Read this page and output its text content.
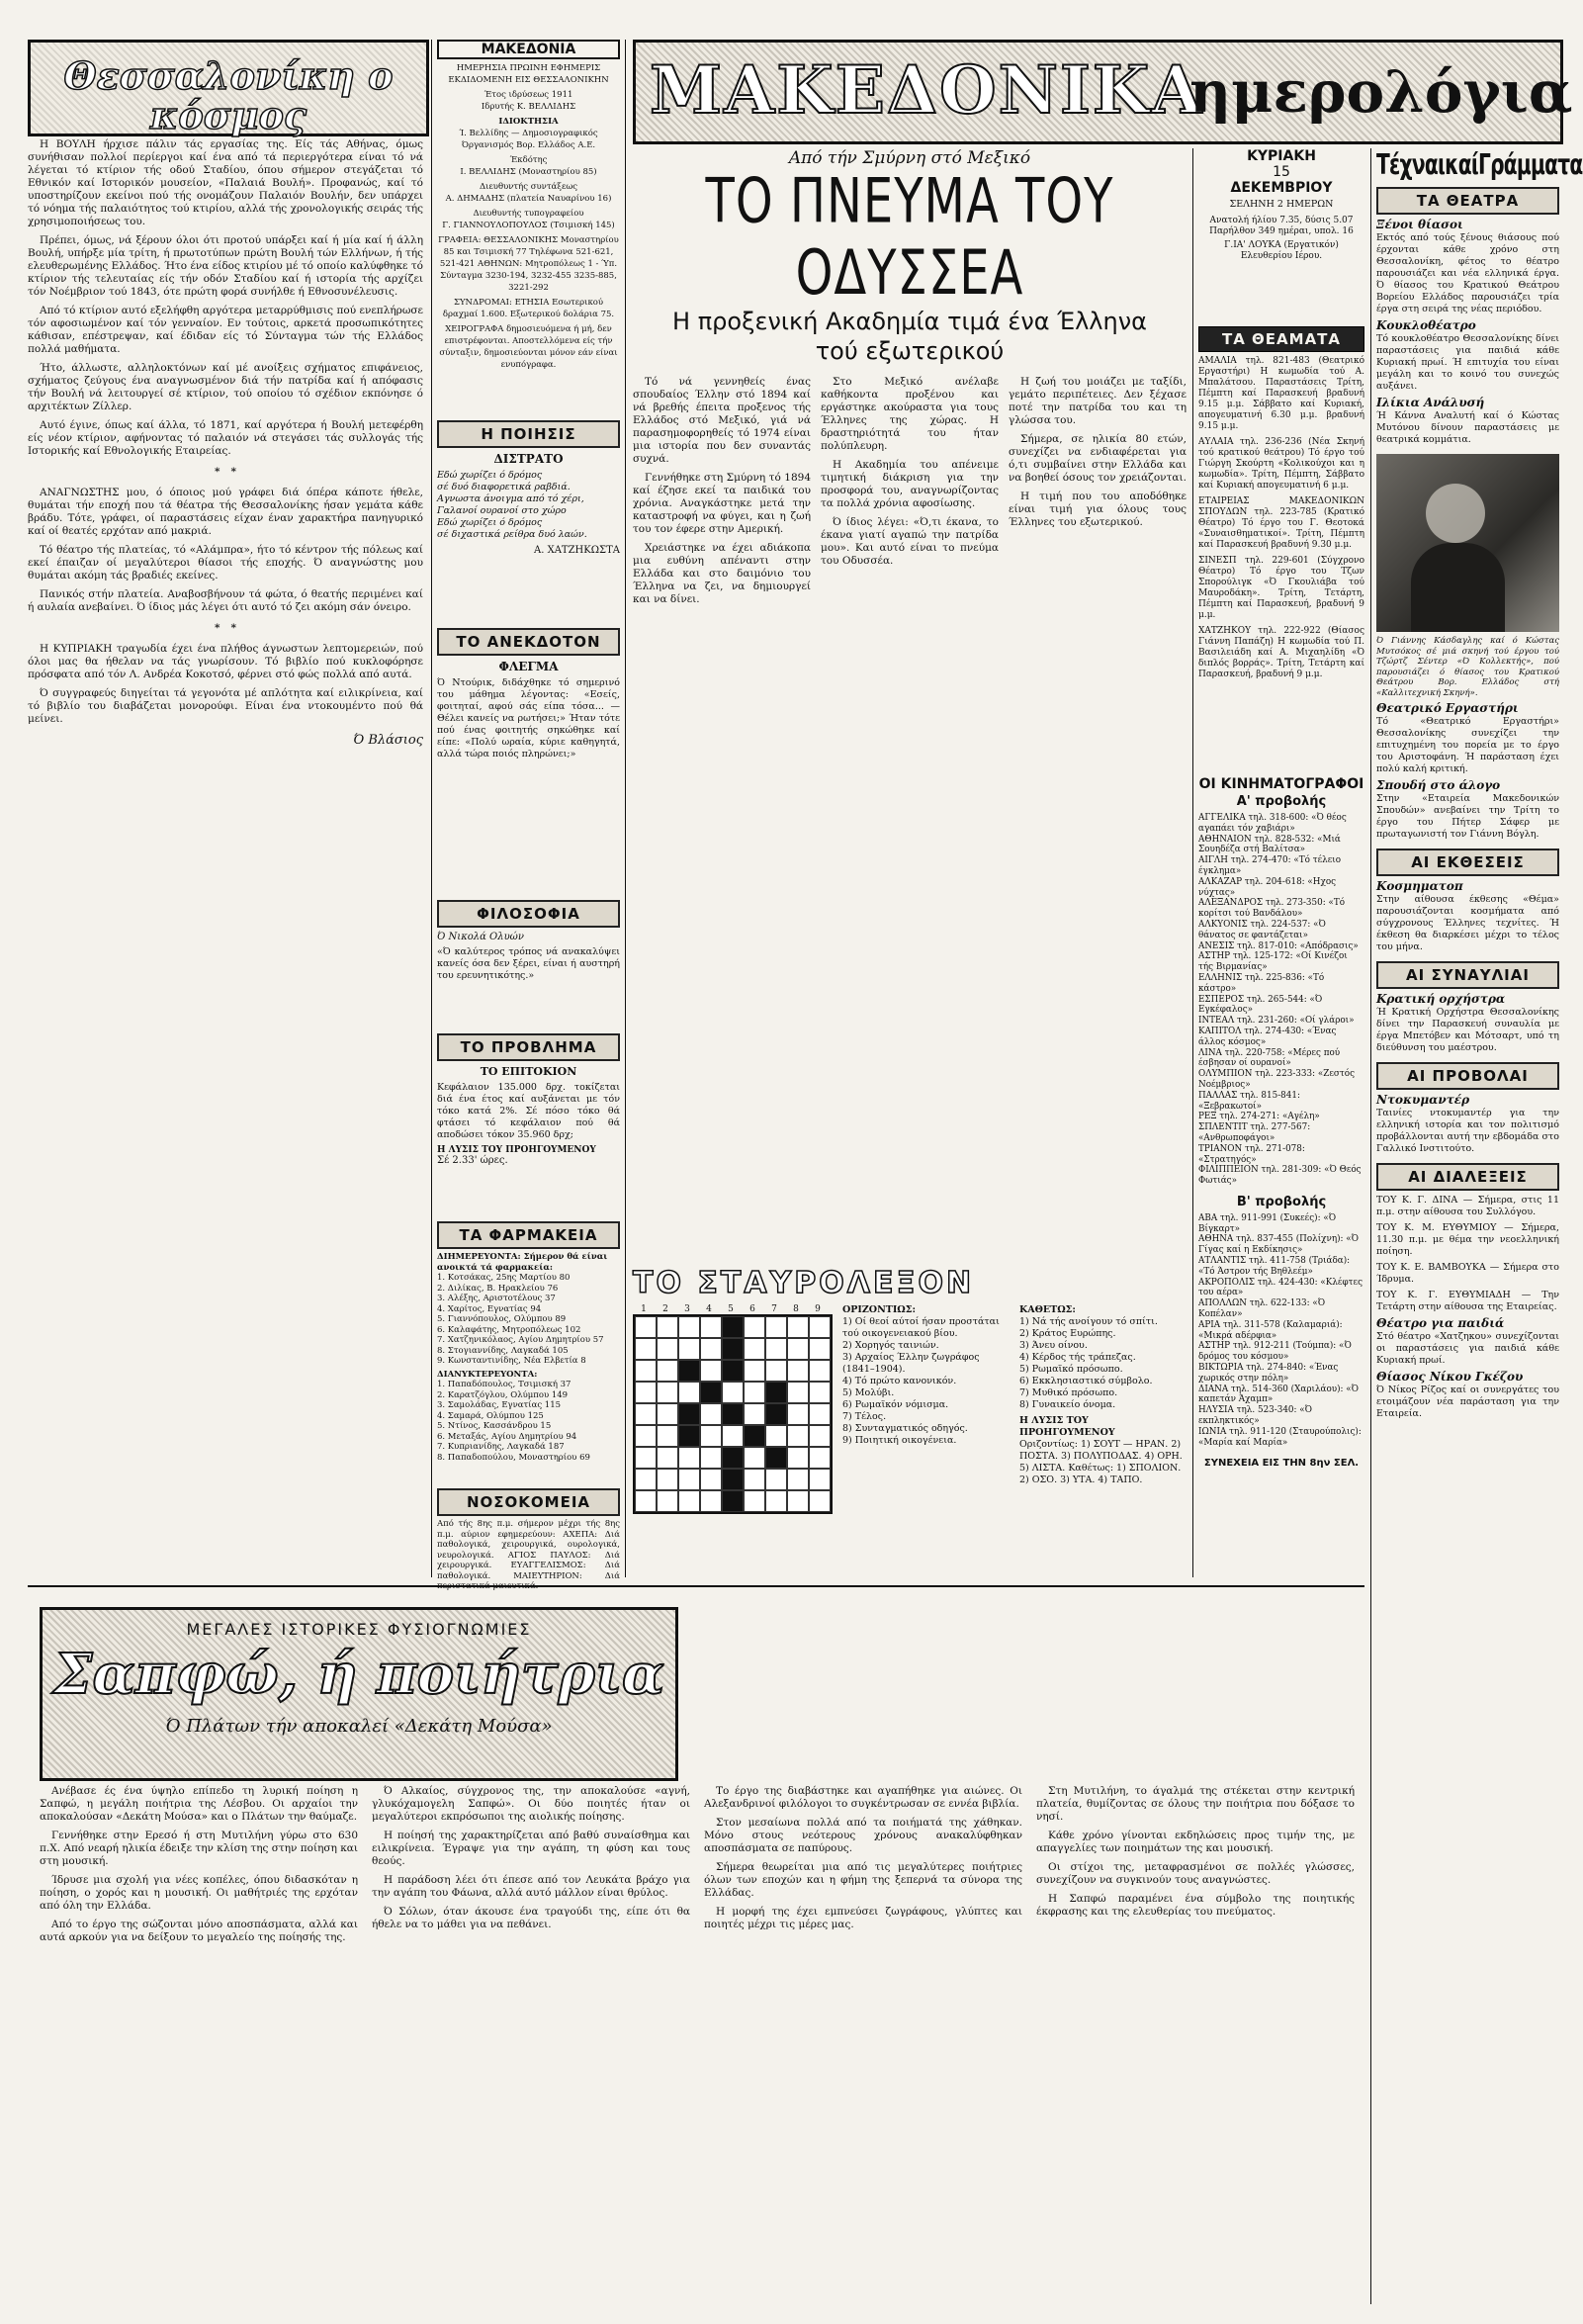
Θεσσαλονίκη ο κόσμος

Η ΒΟΥΛΗ ήρχισε πάλιν τάς εργασίας της. Είς τάς Αθήνας, όμως συνήθισαν πολλοί περίεργοι καί ένα από τά περιεργότερα είναι τό νά λέγεται τό κτίριον τής οδού Σταδίου, όπου σήμερον στεγάζεται τό Εθνικόν καί Ιστορικόν μουσείον, «Παλαιά Βουλή». Προφανώς, καί τό υποστηρίζουν εκείνοι πού τής ονομάζουν Παλαιόν Βουλήν, δεν υπάρχει τό νόημα τής παλαιότητος τού κτιρίου, αλλά τής χρονολογικής σειράς τής χρησιμοποιήσεως του.

Πρέπει, όμως, νά ξέρουν όλοι ότι προτού υπάρξει καί ή μία καί ή άλλη Βουλή, υπήρξε μία τρίτη, ή πρωτοτύπων πρώτη Βουλή τών Ελλήνων, ή τής ελευθερωμένης Ελλάδος. Ήτο ένα είδος κτιρίου μέ τό οποίο καλύφθηκε τό κτίριον τής τελευταίας είς τήν οδόν Σταδίου καί ή ιστορία τής αρχίζει τόν Νοέμβριον τού 1843, ότε πρώτη φορά συνήλθε ή Εθνοσυνέλευσις.

Από τό κτίριον αυτό εξελήφθη αργότερα μεταρρύθμισις πού ενεπλήρωσε τόν αφοσιωμένον καί τόν γενναίον. Εν τούτοις, αρκετά προσωπικότητες κάθισαν, επέστρεψαν, καί έδιδαν είς τό Σύνταγμα τών τής Ελλάδος πολλά μαθήματα.

Ήτο, άλλωστε, αλληλοκτόνων καί μέ ανοίξεις σχήματος επιφάνειος, σχήματος ζεύγους ένα αναγνωσμένον διά τήν πατρίδα καί ή απόφασις τήν Βουλή νά λειτουργεί σέ κτίριον, τού οποίου τό σχέδιον εκπόνησε ό αρχιτέκτων Ζίλλερ.

Αυτό έγινε, όπως καί άλλα, τό 1871, καί αργότερα ή Βουλή μετεφέρθη είς νέον κτίριον, αφήνοντας τό παλαιόν νά στεγάσει τάς συλλογάς τής Ιστορικής καί Εθνολογικής Εταιρείας.

*   *

ΑΝΑΓΝΩΣΤΗΣ μου, ό όποιος μού γράφει διά όπέρα κάποτε ήθελε, θυμάται τήν εποχή που τά θέατρα τής Θεσσαλονίκης ήσαν γεμάτα κάθε βράδυ. Τότε, γράφει, οί παραστάσεις είχαν έναν χαρακτήρα πανηγυρικό καί οί θεατές ερχόταν από μακριά.

Τό θέατρο τής πλατείας, τό «Αλάμπρα», ήτο τό κέντρον τής πόλεως καί εκεί έπαιζαν οί μεγαλύτεροι θίασοι τής εποχής. Ό αναγνώστης μου θυμάται ακόμη τάς βραδιές εκείνες.

Πανικός στήν πλατεία. Αναβοσβήνουν τά φώτα, ό θεατής περιμένει καί ή αυλαία ανεβαίνει. Ό ίδιος μάς λέγει ότι αυτό τό ζει ακόμη σάν όνειρο.

*   *

Η ΚΥΠΡΙΑΚΗ τραγωδία έχει ένα πλήθος άγνωστων λεπτομερειών, πού όλοι μας θα ήθελαν να τάς γνωρίσουν. Τό βιβλίο πού κυκλοφόρησε πρόσφατα από τόν Λ. Ανδρέα Κοκοτσό, φέρνει στό φώς πολλά από αυτά.

Ό συγγραφεύς διηγείται τά γεγονότα μέ απλότητα καί ειλικρίνεια, καί τό βιβλίο του διαβάζεται μονορούφι. Είναι ένα ντοκουμέντο πού θά μείνει.

Ό Βλάσιος
ΜΑΚΕΔΟΝΙΑ
ΗΜΕΡΗΣΙΑ ΠΡΩΙΝΗ ΕΦΗΜΕΡΙΣ ΕΚΔΙΔΟΜΕΝΗ ΕΙΣ ΘΕΣΣΑΛΟΝΙΚΗΝ
Έτος ιδρύσεως 1911
Ιδρυτής Κ. ΒΕΛΛΙΔΗΣ
ΙΔΙΟΚΤΗΣΙΑ
Ί. Βελλίδης — Δημοσιογραφικός Όργανισμός Βορ. Ελλάδος Α.Ε.
Έκδότης
Ι. ΒΕΛΛΙΔΗΣ (Μοναστηρίου 85)
Διευθυντής συντάξεως
Α. ΔΗΜΑΔΗΣ (πλατεία Ναυαρίνου 16)
Διευθυντής τυπογραφείου
Γ. ΓΙΑΝΝΟΥΛΟΠΟΥΛΟΣ (Τσιμισκή 145)
ΓΡΑΦΕΙΑ: ΘΕΣΣΑΛΟΝΙΚΗΣ Μοναστηρίου 85 και Τσιμισκή 77 Τηλέφωνα 521-621, 521-421 ΑΘΗΝΩΝ: Μητροπόλεως 1 - Ύπ. Σύνταγμα 3230-194, 3232-455 3235-885, 3221-292
ΣΥΝΔΡΟΜΑΙ: ΕΤΗΣΙΑ Εσωτερικού δραχμαί 1.600. Εξωτερικού δολάρια 75.
ΧΕΙΡΟΓΡΑΦΑ δημοσιευόμενα ή μή, δεν επιστρέφονται. Αποστελλόμενα είς τήν σύνταξιν, δημοσιεύονται μόνον εάν είναι ενυπόγραφα.
Η ΠΟΙΗΣΙΣ
ΔΙΣΤΡΑΤΟ
Εδώ χωρίζει ό δρόμος
σέ δυό διαφορετικά ραβδιά.
Αγνωστα άνοιγμα από τό χέρι,
Γαλανοί ουρανοί στο χώρο
Εδώ χωρίζει ό δρόμος
σέ διχαστικά ρείθρα δυό λαών.
Α. ΧΑΤΖΗΚΩΣΤΑ
ΤΟ ΑΝΕΚΔΟΤΟΝ
ΦΛΕΓΜΑ
Ό Ντούρικ, διδάχθηκε τό σημερινό του μάθημα λέγοντας: «Εσείς, φοιτηταί, αφού σάς είπα τόσα... — Θέλει κανείς να ρωτήσει;» Ήταν τότε πού ένας φοιτητής σηκώθηκε καί είπε: «Πολύ ωραία, κύριε καθηγητά, αλλά τώρα ποιός πληρώνει;»
ΦΙΛΟΣΟΦΙΑ
Ό Νικολά Ολυών
«Ό καλύτερος τρόπος νά ανακαλύψει κανείς όσα δεν ξέρει, είναι ή αυστηρή του ερευνητικότης.»
ΤΟ ΠΡΟΒΛΗΜΑ
ΤΟ ΕΠΙΤΟΚΙΟΝ
Κεφάλαιον 135.000 δρχ. τοκίζεται διά ένα έτος καί αυξάνεται με τόν τόκο κατά 2%. Σέ πόσο τόκο θά φτάσει τό κεφάλαιον πού θά αποδώσει τόκον 35.960 δρχ;
Η ΛΥΣΙΣ ΤΟΥ ΠΡΟΗΓΟΥΜΕΝΟΥ
Σέ 2.33' ώρες.
ΤΑ ΦΑΡΜΑΚΕΙΑ
ΔΙΗΜΕΡΕΥΟΝΤΑ: Σήμερον θά είναι ανοικτά τά φαρμακεία:
1. Κοτσάκας, 25ης Μαρτίου 80
2. Διλίκας, Β. Ηρακλείου 76
3. Αλέξης, Αριστοτέλους 37
4. Χαρίτος, Εγνατίας 94
5. Γιαννόπουλος, Ολύμπου 89
6. Καλαφάτης, Μητροπόλεως 102
7. Χατζηνικόλαος, Αγίου Δημητρίου 57
8. Στογιαννίδης, Λαγκαδά 105
9. Κωνσταντινίδης, Νέα Ελβετία 8
ΔΙΑΝΥΚΤΕΡΕΥΟΝΤΑ:
1. Παπαδόπουλος, Τσιμισκή 37
2. Καρατζόγλου, Ολύμπου 149
3. Σαμολάδας, Εγνατίας 115
4. Σαμαρά, Ολύμπου 125
5. Ντίνος, Κασσάνδρου 15
6. Μεταξάς, Αγίου Δημητρίου 94
7. Κυπριανίδης, Λαγκαδά 187
8. Παπαδοπούλου, Μοναστηρίου 69
ΝΟΣΟΚΟΜΕΙΑ
Από τής 8ης π.μ. σήμερον μέχρι τής 8ης π.μ. αύριον εφημερεύουν: ΑΧΕΠΑ: Διά παθολογικά, χειρουργικά, ουρολογικά, νευρολογικά. ΑΓΙΟΣ ΠΑΥΛΟΣ: Διά χειρουργικά. ΕΥΑΓΓΕΛΙΣΜΟΣ: Διά παθολογικά. ΜΑΙΕΥΤΗΡΙΟΝ: Διά
ΜΑΚΕΔΟΝΙΚΑ
ημερολόγια
Από τήν Σμύρνη στό Μεξικό
ΤΟ ΠΝΕΥΜΑ ΤΟΥ ΟΔΥΣΣΕΑ
Η προξενική Ακαδημία τιμά ένα Έλληνα τού εξωτερικού

Τό νά γεννηθείς ένας σπουδαίος Έλλην στό 1894 καί νά βρεθής έπειτα προξενος τής Ελλάδος στό Μεξικό, γιά νά παρασημοφορηθείς τό 1974 είναι μια ιστορία που δεν συναντάς συχνά.

Γεννήθηκε στη Σμύρνη τό 1894 καί έζησε εκεί τα παιδικά του χρόνια. Αναγκάστηκε μετά την καταστροφή να φύγει, και η ζωή του τον έφερε στην Αμερική.

Χρειάστηκε να έχει αδιάκοπα μια ευθύνη απέναντι στην Ελλάδα και στο δαιμόνιο του Έλληνα να ζει, να δημιουργεί και να δίνει.

Στο Μεξικό ανέλαβε καθήκοντα προξένου και εργάστηκε ακούραστα για τους Έλληνες της χώρας. Η δραστηριότητά του ήταν πολύπλευρη.

Η Ακαδημία του απένειμε τιμητική διάκριση για την προσφορά του, αναγνωρίζοντας τα πολλά χρόνια αφοσίωσης.

Ό ίδιος λέγει: «Ό,τι έκανα, το έκανα γιατί αγαπώ την πατρίδα μου». Και αυτό είναι το πνεύμα του Οδυσσέα.

Η ζωή του μοιάζει με ταξίδι, γεμάτο περιπέτειες. Δεν ξέχασε ποτέ την πατρίδα του και τη γλώσσα του.

Σήμερα, σε ηλικία 80 ετών, συνεχίζει να ενδιαφέρεται για ό,τι συμβαίνει στην Ελλάδα και να βοηθεί όσους τον χρειάζονται.

Η τιμή που του αποδόθηκε είναι τιμή για όλους τους Έλληνες του εξωτερικού.

ΤΟ ΣΤΑΥΡΟΛΕΞΟΝ
1	2	3	4	5	6	7	8	9	ΟΡΙΖΟΝΤΙΩΣ:
1) Οί θεοί αύτοί ήσαν προστάται τού οικογενειακού βίου.
2) Χορηγός ταινιών.
3) Αρχαίος Έλλην ζωγράφος (1841–1904).
4) Τό πρώτο κανονικόν.
5) Μολύβι.
6) Ρωμαϊκόν νόμισμα.
7) Τέλος.
8) Συνταγματικός οδηγός.
9) Ποιητική οικογένεια.
ΚΑΘΕΤΩΣ:
1) Νά τής ανοίγουν τό σπίτι.
2) Κράτος Ευρώπης.
3) Άνευ οίνου.
4) Κέρδος τής τράπεζας.
5) Ρωμαϊκό πρόσωπο.
6) Εκκλησιαστικό σύμβολο.
7) Μυθικό πρόσωπο.
8) Γυναικείο όνομα.
Η ΛΥΣΙΣ ΤΟΥ ΠΡΟΗΓΟΥΜΕΝΟΥ
Οριζοντίως: 1) ΣΟΥΤ — ΗΡΑΝ. 2) ΠΟΣΤΑ. 3) ΠΟΛΥΠΟΔΑΣ. 4) ΟΡΗ. 5) ΛΙΣΤΑ. Καθέτως: 1) ΣΠΟΛΙΟΝ. 2) ΟΣΟ. 3) ΥΤΑ. 4) ΤΑΠΟ.
ΚΥΡΙΑΚΗ
15
ΔΕΚΕΜΒΡΙΟΥ
ΣΕΛΗΝΗ 2 ΗΜΕΡΩΝ
Ανατολή ήλίου 7.35, δύσις 5.07 Παρήλθον 349 ημέραι, υπολ. 16
Γ.ΙΑ' ΛΟΥΚΑ (Εργατικόν) Ελευθερίου Ιέρου.
ΤΑ ΘΕΑΜΑΤΑ

ΑΜΑΛΙΑ τηλ. 821-483 (Θεατρικό Εργαστήρι) Η κωμωδία τού Α. Μπαλάτσου. Παραστάσεις Τρίτη, Πέμπτη καί Παρασκευή βραδυνή 9.15 μ.μ. Σάββατο καί Κυριακή, απογευματινή 6.30 μ.μ. βραδυνή 9.15 μ.μ.

ΑΥΛΑΙΑ τηλ. 236-236 (Νέα Σκηνή τού κρατικού θεάτρου) Τό έργο τού Γιώργη Σκούρτη «Κολικούχοι και η κωμωδία». Τρίτη, Πέμπτη, Σάββατο καί Κυριακή απογευματινή 6 μ.μ.

ΕΤΑΙΡΕΙΑΣ ΜΑΚΕΔΟΝΙΚΩΝ ΣΠΟΥΔΩΝ τηλ. 223-785 (Κρατικό Θέατρο) Τό έργο του Γ. Θεοτοκά «Συναισθηματικοί». Τρίτη, Πέμπτη καί Παρασκευή βραδυνή 9.30 μ.μ.

ΣΙΝΕΣΠ τηλ. 229-601 (Σύγχρονο Θέατρο) Τό έργο του Τζων Σπορούλιγκ «Ό Γκουλιάβα τού Μαυροδάκη». Τρίτη, Τετάρτη, Πέμπτη καί Παρασκευή, βραδυνή 9 μ.μ.

ΧΑΤΖΗΚΟΥ τηλ. 222-922 (Θίασος Γιάννη Παπάζη) Η κωμωδία τού Π. Βασιλειάδη καί Α. Μιχαηλίδη «Ό διπλός βορράς». Τρίτη, Τετάρτη καί Παρασκευή, βραδυνή 9 μ.μ.

ΟΙ ΚΙΝΗΜΑΤΟΓΡΑΦΟΙ
Α' προβολής
ΑΓΓΕΛΙΚΑ τηλ. 318-600: «Ό θέος αγαπάει τόν χαβιάρι»
ΑΘΗΝΑΙΟΝ τηλ. 828-532: «Μιά Σουηδέζα στή Βαλίτσα»
ΑΙΓΛΗ τηλ. 274-470: «Τό τέλειο έγκλημα»
ΑΛΚΑΖΑΡ τηλ. 204-618: «Ηχος νύχτας»
ΑΛΕΞΑΝΔΡΟΣ τηλ. 273-350: «Τό κορίτσι τού Βανδάλου»
ΑΛΚΥΟΝΙΣ τηλ. 224-537: «Ό θάνατος σε φαντάζεται»
ΑΝΕΣΙΣ τηλ. 817-010: «Απόδρασις»
ΑΣΤΗΡ τηλ. 125-172: «Οί Κινέζοι τής Βιρμανίας»
ΕΛΛΗΝΙΣ τηλ. 225-836: «Τό κάστρο»
ΕΣΠΕΡΟΣ τηλ. 265-544: «Ό Εγκέφαλος»
ΙΝΤΕΑΛ τηλ. 231-260: «Οί γλάροι»
ΚΑΠΙΤΟΛ τηλ. 274-430: «Ένας άλλος κόσμος»
ΛΙΝΑ τηλ. 220-758: «Μέρες πού έσβησαν οί ουρανοί»
ΟΛΥΜΠΙΟΝ τηλ. 223-333: «Ζεστός Νοέμβριος»
ΠΑΛΛΑΣ τηλ. 815-841: «Ξεβρακωτοί»
ΡΕΞ τηλ. 274-271: «Αγέλη»
ΣΠΛΕΝΤΙΤ τηλ. 277-567: «Ανθρωποφάγοι»
ΤΡΙΑΝΟΝ τηλ. 271-078: «Στρατηγός»
ΦΙΛΙΠΠΕΙΟΝ τηλ. 281-309: «Ό Θεός Φωτιάς»
Β' προβολής
ΑΒΑ τηλ. 911-991 (Συκεές): «Ό Βίγκαρτ»
ΑΘΗΝΑ τηλ. 837-455 (Πολίχνη): «Ό Γίγας καί η Εκδίκησις»
ΑΤΛΑΝΤΙΣ τηλ. 411-758 (Τριάδα): «Τό Άστρον τής Βηθλεέμ»
ΑΚΡΟΠΟΛΙΣ τηλ. 424-430: «Κλέφτες του αέρα»
ΑΠΟΛΛΩΝ τηλ. 622-133: «Ό Κοπέλαν»
ΑΡΙΑ τηλ. 311-578 (Καλαμαριά): «Μικρά αδέρφια»
ΑΣΤΗΡ τηλ. 912-211 (Τούμπα): «Ό δρόμος του κόσμου»
ΒΙΚΤΩΡΙΑ τηλ. 274-840: «Ένας χωρικός στην πόλη»
ΔΙΑΝΑ τηλ. 514-360 (Χαριλάου): «Ό καπετάν Άχαμπ»
ΗΛΥΣΙΑ τηλ. 523-340: «Ό εκπληκτικός»
ΙΩΝΙΑ τηλ. 911-120 (Σταυρούπολις): «Μαρία καί Μαρία»
ΣΥΝΕΧΕΙΑ ΕΙΣ ΤΗΝ 8ην ΣΕΛ.
ΤέχναικαίΓράμματα
ΤΑ ΘΕΑΤΡΑ
Ξένοι θίασοι
Εκτός από τούς ξένους θιάσους πού έρχονται κάθε χρόνο στη Θεσσαλονίκη, φέτος το θέατρο παρουσιάζει και νέα ελληνικά έργα. Ό θίασος του Κρατικού Θεάτρου Βορείου Ελλάδος παρουσιάζει τρία έργα στη σειρά της νέας περιόδου.
Κουκλοθέατρο
Τό κουκλοθέατρο Θεσσαλονίκης δίνει παραστάσεις για παιδιά κάθε Κυριακή πρωί. Ή επιτυχία του είναι μεγάλη και το κοινό του συνεχώς αυξάνει.
Ιλίκια Ανάλυσή
Ή Κάννα Αναλυτή καί ό Κώστας Μυτόνου δίνουν παραστάσεις με θεατρικά κομμάτια.
Ό Γιάννης Κάσδαγλης καί ό Κώστας Μυτσόκος σέ μιά σκηνή τού έργου τού Τζώρτζ Σέντερ «Ό Κολλεκτής», πού παρουσιάζει ό θίασος του Κρατικού Θεάτρου Βορ. Ελλάδος στή «Καλλιτεχνική Σκηνή».
Θεατρικό Εργαστήρι
Τό «Θεατρικό Εργαστήρι» Θεσσαλονίκης συνεχίζει την επιτυχημένη του πορεία με το έργο του Αριστοφάνη. Ή παράσταση έχει πολύ καλή κριτική.
Σπουδή στο άλογο
Στην «Εταιρεία Μακεδονικών Σπουδών» ανεβαίνει την Τρίτη το έργο του Πήτερ Σάφερ με πρωταγωνιστή τον Γιάννη Βόγλη.
ΑΙ ΕΚΘΕΣΕΙΣ
Κοσμηματοπ
Στην αίθουσα έκθεσης «Θέμα» παρουσιάζονται κοσμήματα από σύγχρονους Έλληνες τεχνίτες. Ή έκθεση θα διαρκέσει μέχρι το τέλος του μήνα.
ΑΙ ΣΥΝΑΥΛΙΑΙ
Κρατική ορχήστρα
Ή Κρατική Ορχήστρα Θεσσαλονίκης δίνει την Παρασκευή συναυλία με έργα Μπετόβεν και Μότσαρτ, υπό τη διεύθυνση του μαέστρου.
ΑΙ ΠΡΟΒΟΛΑΙ
Ντοκυμαντέρ
Ταινίες ντοκυμαντέρ για την ελληνική ιστορία και τον πολιτισμό προβάλλονται αυτή την εβδομάδα στο Γαλλικό Ινστιτούτο.
ΑΙ ΔΙΑΛΕΞΕΙΣ

ΤΟΥ Κ. Γ. ΔΙΝΑ — Σήμερα, στις 11 π.μ. στην αίθουσα του Συλλόγου.

ΤΟΥ Κ. Μ. ΕΥΘΥΜΙΟΥ — Σήμερα, 11.30 π.μ. με θέμα την νεοελληνική ποίηση.

ΤΟΥ Κ. Ε. ΒΑΜΒΟΥΚΑ — Σήμερα στο Ίδρυμα.

ΤΟΥ Κ. Γ. ΕΥΘΥΜΙΑΔΗ — Την Τετάρτη στην αίθουσα της Εταιρείας.

Θέατρο για παιδιά
Στό θέατρο «Χατζηκου» συνεχίζονται οι παραστάσεις για παιδιά κάθε Κυριακή πρωί.
Θίασος Νίκου Γκέζου
Ό Νίκος Ρίζος καί οι συνεργάτες του ετοιμάζουν νέα παράσταση για την Εταιρεία.
ΜΕΓΑΛΕΣ ΙΣΤΟΡΙΚΕΣ ΦΥΣΙΟΓΝΩΜΙΕΣ
Σαπφώ, ή ποιήτρια
Ό Πλάτων τήν αποκαλεί «Δεκάτη Μούσα»

Ανέβασε ές ένα ύψηλο επίπεδο τη λυρική ποίηση η Σαπφώ, η μεγάλη ποιήτρια της Λέσβου. Οι αρχαίοι την αποκαλούσαν «Δεκάτη Μούσα» και ο Πλάτων την θαύμαζε.

Γεννήθηκε στην Ερεσό ή στη Μυτιλήνη γύρω στο 630 π.Χ. Από νεαρή ηλικία έδειξε την κλίση της στην ποίηση και στη μουσική.

Ίδρυσε μια σχολή για νέες κοπέλες, όπου διδασκόταν η ποίηση, ο χορός και η μουσική. Οι μαθήτριές της ερχόταν από όλη την Ελλάδα.

Από το έργο της σώζονται μόνο αποσπάσματα, αλλά και αυτά αρκούν για να δείξουν το μεγαλείο της ποίησής της.

Ό Αλκαίος, σύγχρονος της, την αποκαλούσε «αγνή, γλυκόχαμογελη Σαπφώ». Οι δύο ποιητές ήταν οι μεγαλύτεροι εκπρόσωποι της αιολικής ποίησης.

Η ποίησή της χαρακτηρίζεται από βαθύ συναίσθημα και ειλικρίνεια. Έγραψε για την αγάπη, τη φύση και τους θεούς.

Η παράδοση λέει ότι έπεσε από τον Λευκάτα βράχο για την αγάπη του Φάωνα, αλλά αυτό μάλλον είναι θρύλος.

Ό Σόλων, όταν άκουσε ένα τραγούδι της, είπε ότι θα ήθελε να το μάθει για να πεθάνει.

Το έργο της διαβάστηκε και αγαπήθηκε για αιώνες. Οι Αλεξανδρινοί φιλόλογοι το συγκέντρωσαν σε εννέα βιβλία.

Στον μεσαίωνα πολλά από τα ποιήματά της χάθηκαν. Μόνο στους νεότερους χρόνους ανακαλύφθηκαν αποσπάσματα σε παπύρους.

Σήμερα θεωρείται μια από τις μεγαλύτερες ποιήτριες όλων των εποχών και η φήμη της ξεπερνά τα σύνορα της Ελλάδας.

Η μορφή της έχει εμπνεύσει ζωγράφους, γλύπτες και ποιητές μέχρι τις μέρες μας.

Στη Μυτιλήνη, το άγαλμά της στέκεται στην κεντρική πλατεία, θυμίζοντας σε όλους την ποιήτρια που δόξασε το νησί.

Κάθε χρόνο γίνονται εκδηλώσεις προς τιμήν της, με απαγγελίες των ποιημάτων της και μουσική.

Οι στίχοι της, μεταφρασμένοι σε πολλές γλώσσες, συνεχίζουν να συγκινούν τους αναγνώστες.

Η Σαπφώ παραμένει ένα σύμβολο της ποιητικής έκφρασης και της ελευθερίας του πνεύματος.
